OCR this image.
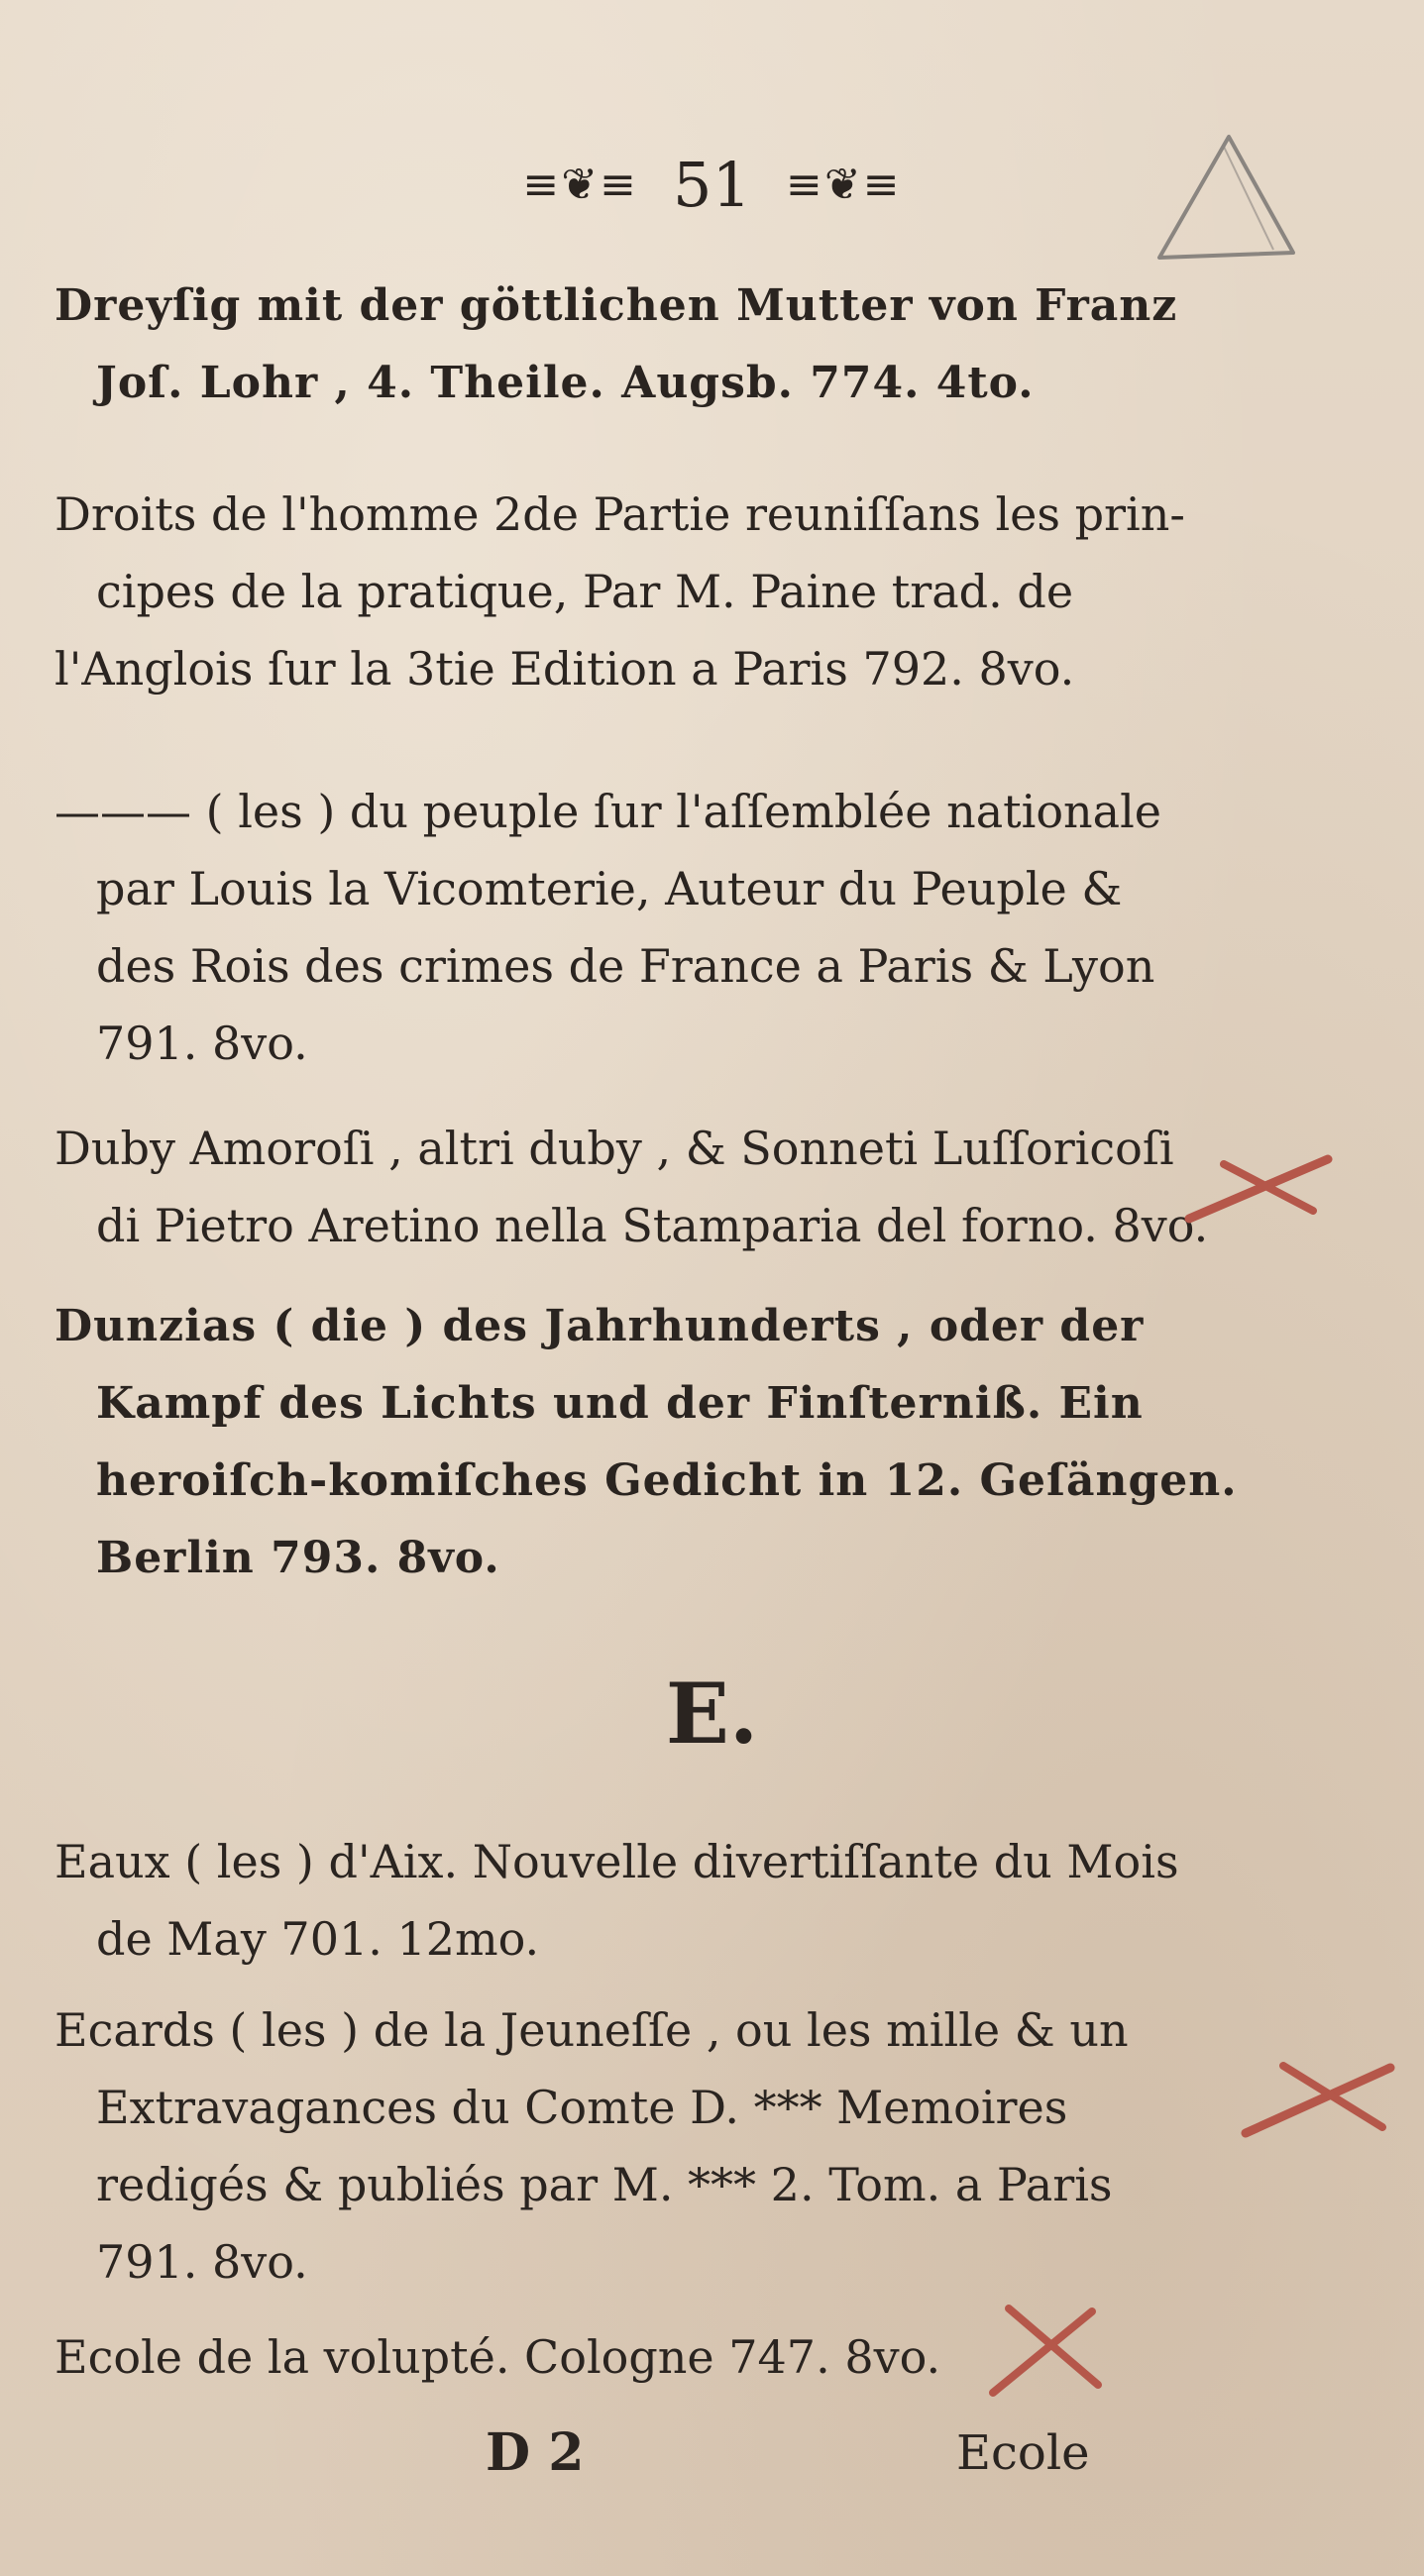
≡❦≡ 51 ≡❦≡
Dreyſig mit der göttlichen Mutter von Franz
Joſ. Lohr , 4. Theile. Augsb. 774. 4to.
Droits de l'homme 2de Partie reuniſſans les prin-
cipes de la pratique, Par M. Paine trad. de
l'Anglois ſur la 3tie Edition a Paris 792. 8vo.
——— ( les ) du peuple ſur l'aſſemblée nationale
par Louis la Vicomterie, Auteur du Peuple &
des Rois des crimes de France a Paris & Lyon
791. 8vo.
Duby Amoroſi , altri duby , & Sonneti Luſſoricoſi
di Pietro Aretino nella Stamparia del forno. 8vo.
Dunzias ( die ) des Jahrhunderts , oder der
Kampf des Lichts und der Finſterniß. Ein
heroiſch-komiſches Gedicht in 12. Geſängen.
Berlin 793. 8vo.
E.
Eaux ( les ) d'Aix. Nouvelle divertiſſante du Mois
de May 701. 12mo.
Ecards ( les ) de la Jeuneſſe , ou les mille & un
Extravagances du Comte D. *** Memoires
redigés & publiés par M. *** 2. Tom. a Paris
791. 8vo.
Ecole de la volupté. Cologne 747. 8vo.
D 2	Ecole
